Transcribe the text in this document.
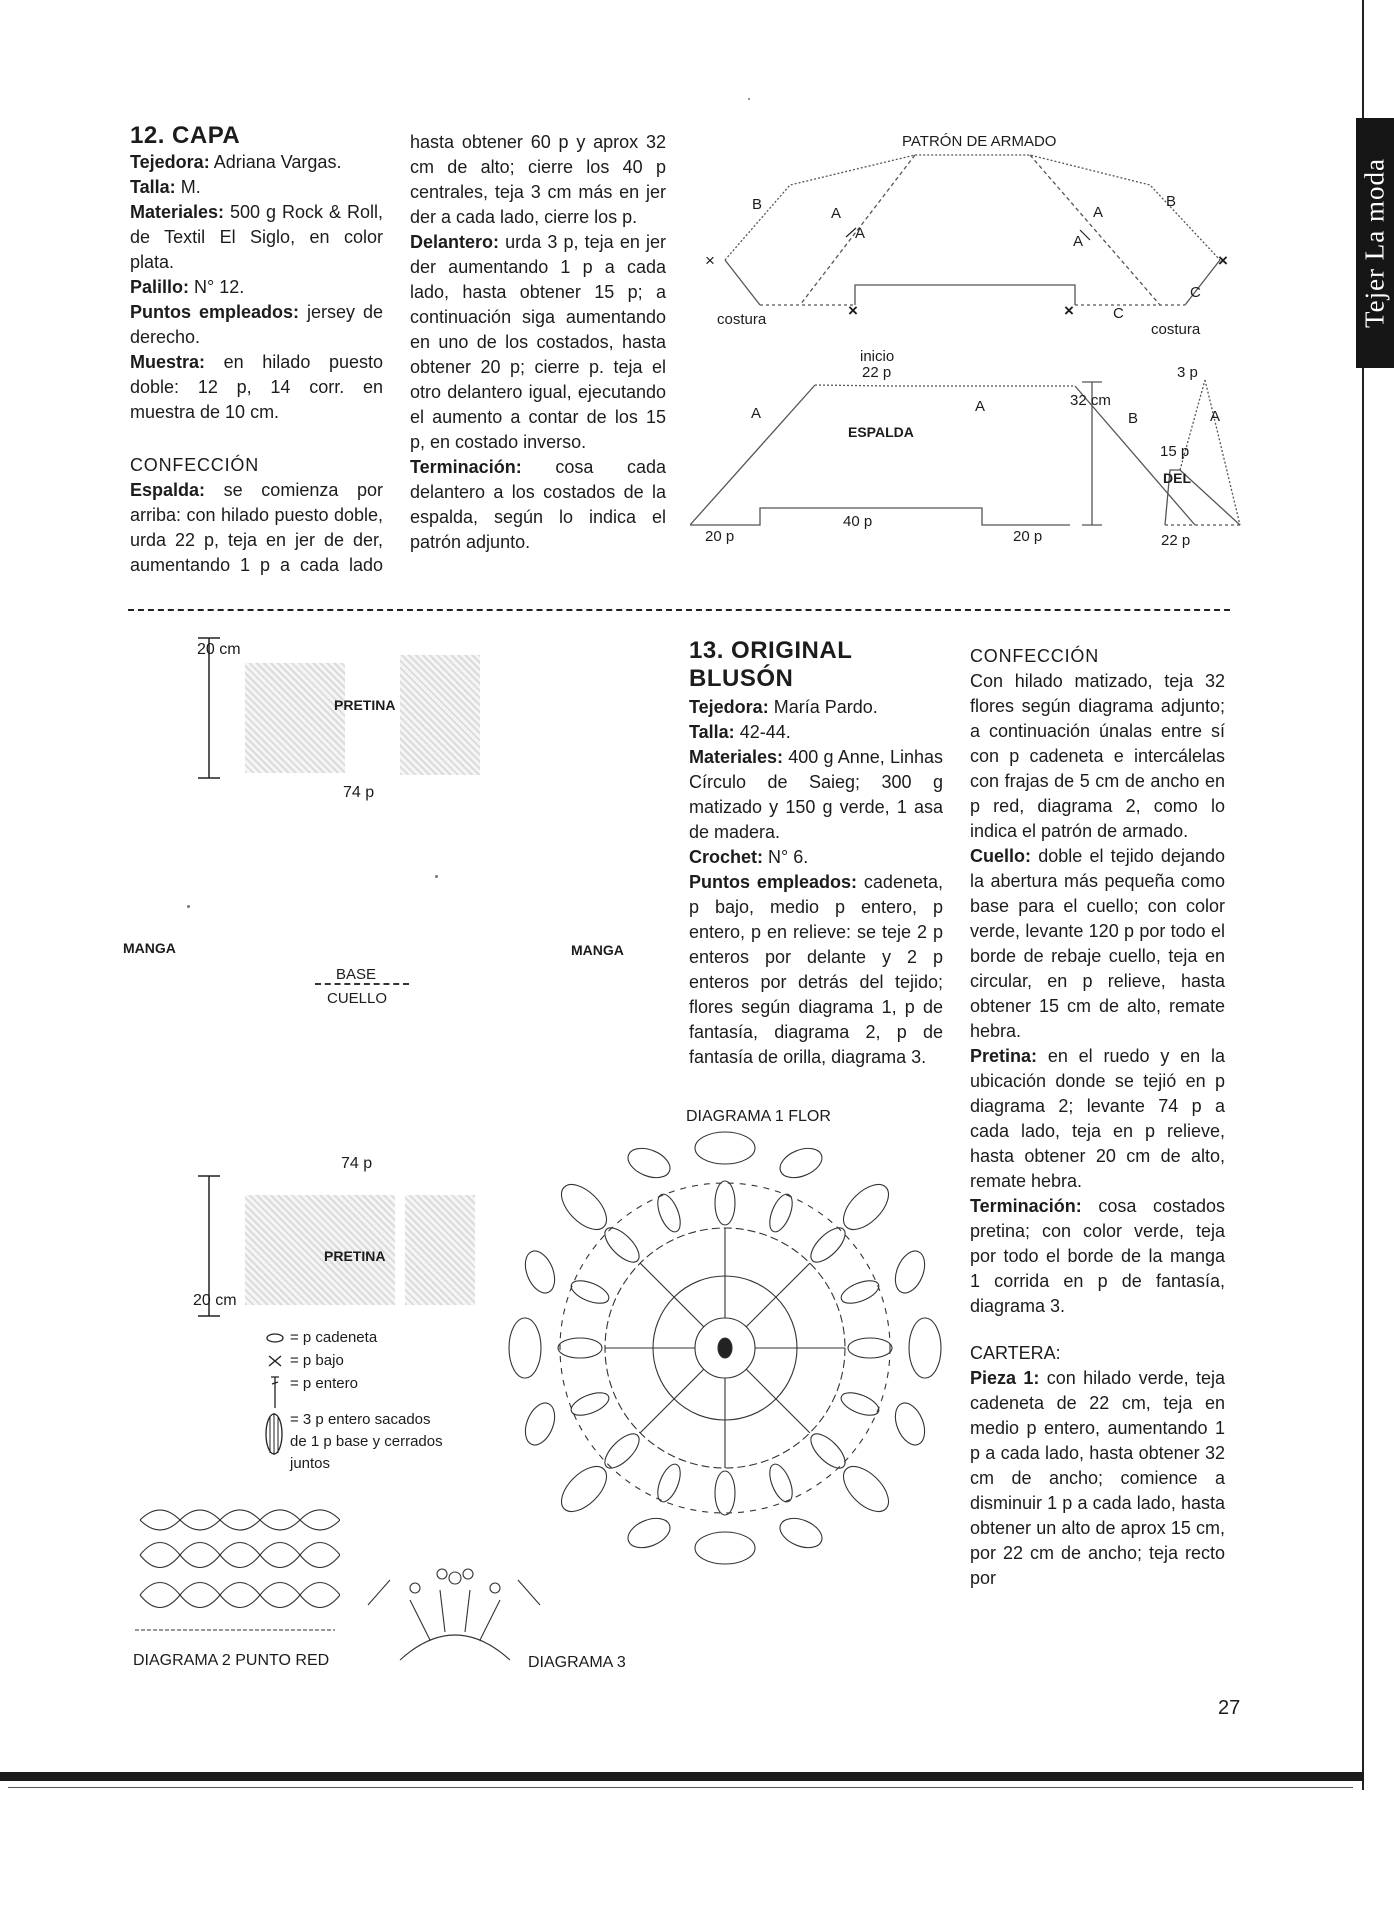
Tejer La moda

12. CAPA

Tejedora: Adriana Vargas.

Talla: M.

Materiales: 500 g Rock & Roll, de Textil El Siglo, en color plata.

Palillo: N° 12.

Puntos empleados: jersey de derecho.

Muestra: en hilado puesto doble: 12 p, 14 corr. en muestra de 10 cm.

CONFECCIÓN

Espalda: se comienza por arriba: con hilado puesto doble, urda 22 p, teja en jer de der, aumentando 1 p a cada lado

hasta obtener 60 p y aprox 32 cm de alto; cierre los 40 p centrales, teja 3 cm más en jer der a cada lado, cierre los p.

Delantero: urda 3 p, teja en jer der aumentando 1 p a cada lado, hasta obtener 15 p; a continuación siga aumentando en uno de los costados, hasta obtener 20 p; cierre p. teja el otro delantero igual, ejecutando el aumento a contar de los 15 p, en costado inverso.

Terminación: cosa cada delantero a los costados de la espalda, según lo indica el patrón adjunto.

PATRÓN DE ARMADO
B
A
A
A
A
B
C
C
×
×	×
×
costura
costura
inicio
22 p
A	A
ESPALDA
40 p
20 p	20 p
32 cm
3 p
B	A
15 p
DEL
22 p
20 cm
PRETINA
74 p
MANGA	MANGA
BASE
CUELLO
74 p
PRETINA
20 cm
= p cadeneta
= p bajo
= p entero
= 3 p entero sacados de 1 p base y cerrados juntos
DIAGRAMA 2 PUNTO RED	DIAGRAMA 3
DIAGRAMA 1 FLOR

13. ORIGINAL

BLUSÓN

Tejedora: María Pardo.

Talla: 42-44.

Materiales: 400 g Anne, Linhas Círculo de Saieg; 300 g matizado y 150 g verde, 1 asa de madera.

Crochet: N° 6.

Puntos empleados: cadeneta, p bajo, medio p entero, p entero, p en relieve: se teje 2 p enteros por delante y 2 p enteros por detrás del tejido; flores según diagrama 1, p de fantasía, diagrama 2, p de fantasía de orilla, diagrama 3.

CONFECCIÓN

Con hilado matizado, teja 32 flores según diagrama adjunto; a continuación únalas entre sí con p cadeneta e intercálelas con frajas de 5 cm de ancho en p red, diagrama 2, como lo indica el patrón de armado.

Cuello: doble el tejido dejando la abertura más pequeña como base para el cuello; con color verde, levante 120 p por todo el borde de rebaje cuello, teja en circular, en p relieve, hasta obtener 15 cm de alto, remate hebra.

Pretina: en el ruedo y en la ubicación donde se tejió en p diagrama 2; levante 74 p a cada lado, teja en p relieve, hasta obtener 20 cm de alto, remate hebra.

Terminación: cosa costados pretina; con color verde, teja por todo el borde de la manga 1 corrida en p de fantasía, diagrama 3.

CARTERA:

Pieza 1: con hilado verde, teja cadeneta de 22 cm, teja en medio p entero, aumentando 1 p a cada lado, hasta obtener 32 cm de ancho; comience a disminuir 1 p a cada lado, hasta obtener un alto de aprox 15 cm, por 22 cm de ancho; teja recto por

27
